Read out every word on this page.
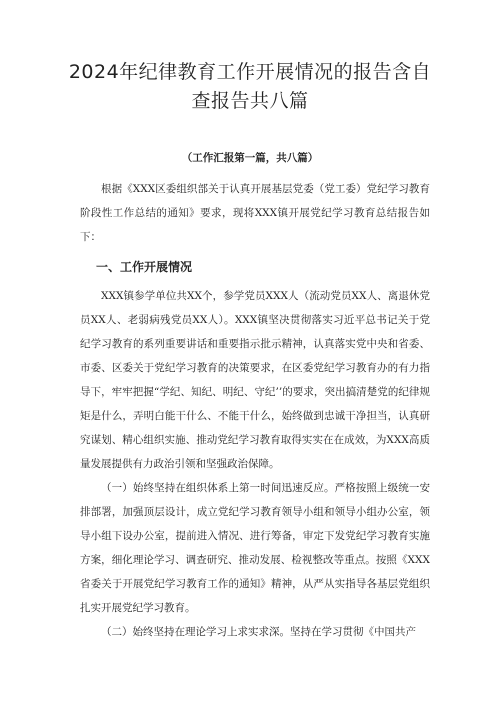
2024年纪律教育工作开展情况的报告含自查报告共八篇
（工作汇报第一篇，共八篇）

根据《XXX区委组织部关于认真开展基层党委（党工委）党纪学习教育阶段性工作总结的通知》要求，现将XXX镇开展党纪学习教育总结报告如下：

一、工作开展情况

XXX镇参学单位共XX个，参学党员XXX人（流动党员XX人、离退休党员XX人、老弱病残党员XX人）。XXX镇坚决贯彻落实习近平总书记关于党纪学习教育的系列重要讲话和重要指示批示精神，认真落实党中央和省委、市委、区委关于党纪学习教育的决策要求，在区委党纪学习教育办的有力指导下，牢牢把握“学纪、知纪、明纪、守纪’’的要求，突出搞清楚党的纪律规矩是什么，弄明白能干什么、不能干什么，始终做到忠诚干净担当，认真研究谋划、精心组织实施、推动党纪学习教育取得实实在在成效，为XXX高质量发展提供有力政治引领和坚强政治保障。

（一）始终坚持在组织体系上第一时间迅速反应。严格按照上级统一安排部署，加强顶层设计，成立党纪学习教育领导小组和领导小组办公室，领导小组下设办公室，提前进入情况、进行筹备，审定下发党纪学习教育实施方案，细化理论学习、调查研究、推动发展、检视整改等重点。按照《XXX省委关于开展党纪学习教育工作的通知》精神，从严从实指导各基层党组织扎实开展党纪学习教育。

（二）始终坚持在理论学习上求实求深。坚持在学习贯彻《中国共产
